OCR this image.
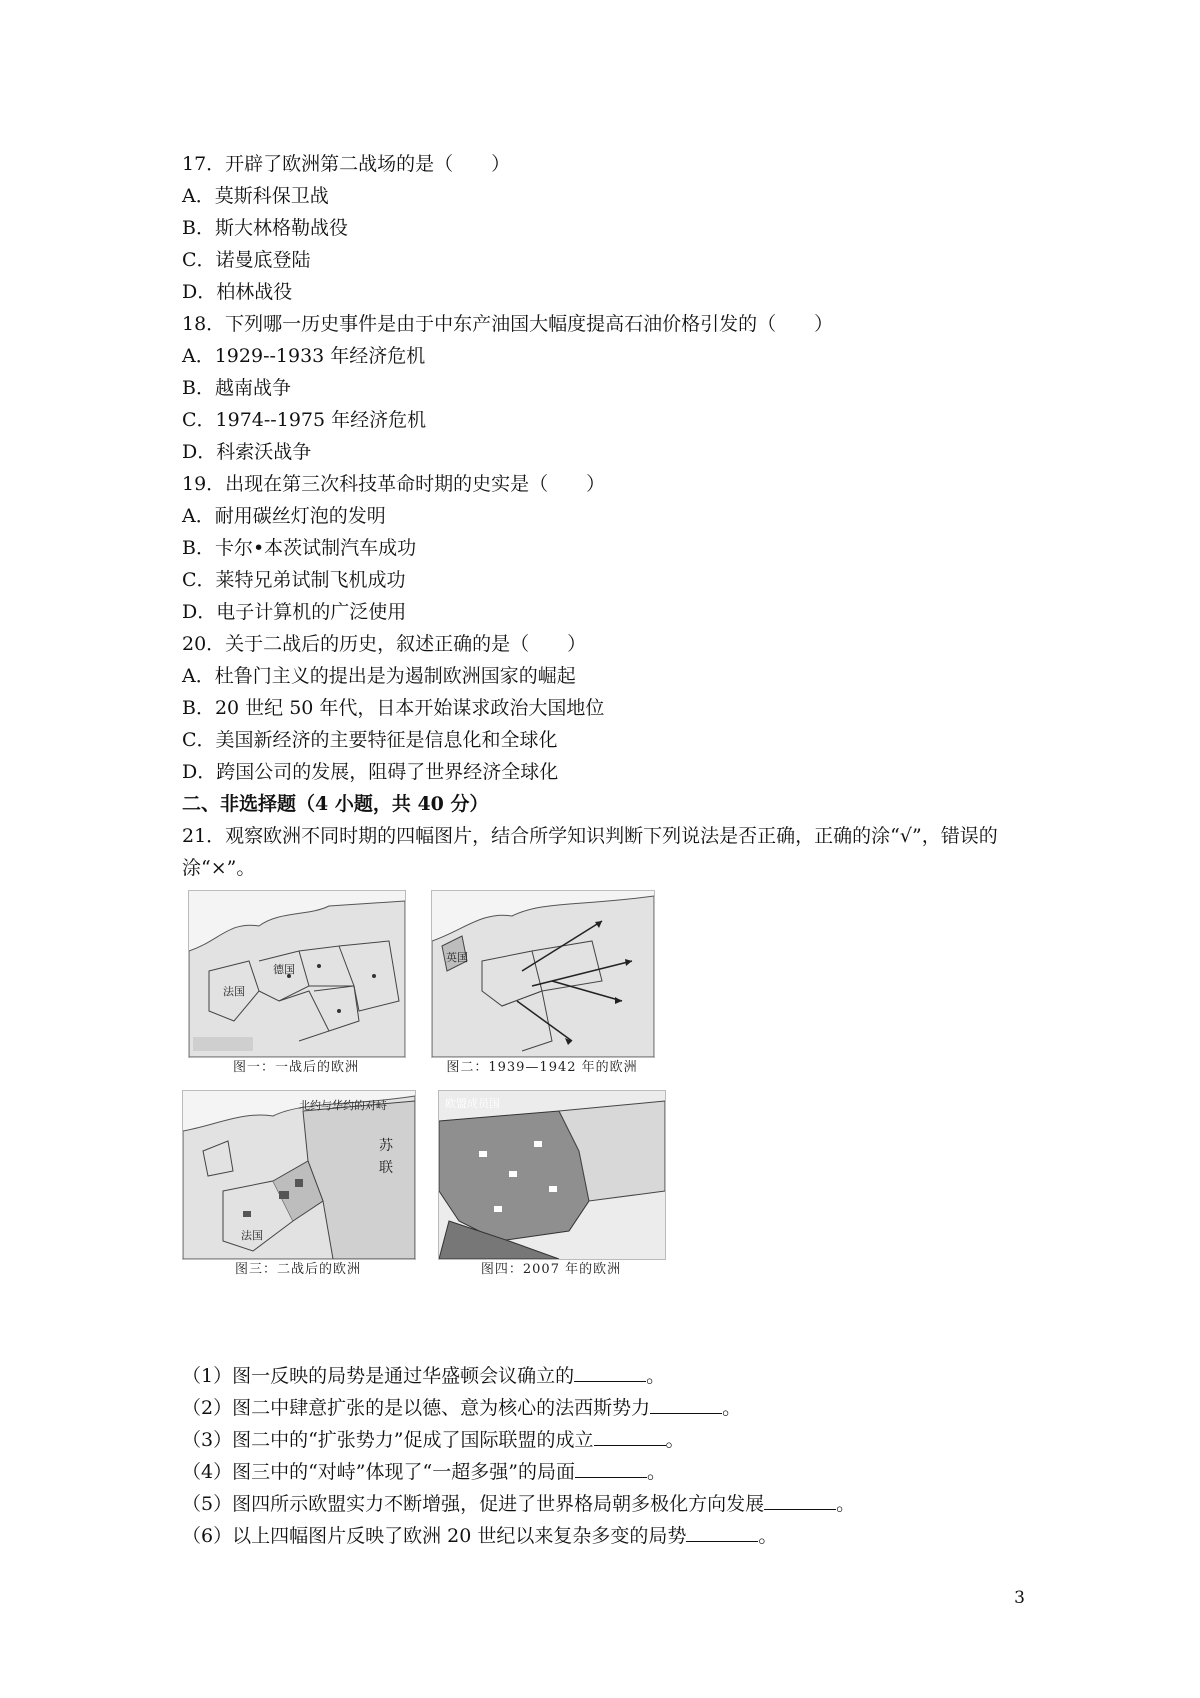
17．开辟了欧洲第二战场的是（　　）
A．莫斯科保卫战
B．斯大林格勒战役
C．诺曼底登陆
D．柏林战役
18．下列哪一历史事件是由于中东产油国大幅度提高石油价格引发的（　　）
A．1929--1933 年经济危机
B．越南战争
C．1974--1975 年经济危机
D．科索沃战争
19．出现在第三次科技革命时期的史实是（　　）
A．耐用碳丝灯泡的发明
B．卡尔•本茨试制汽车成功
C．莱特兄弟试制飞机成功
D．电子计算机的广泛使用
20．关于二战后的历史，叙述正确的是（　　）
A．杜鲁门主义的提出是为遏制欧洲国家的崛起
B．20 世纪 50 年代，日本开始谋求政治大国地位
C．美国新经济的主要特征是信息化和全球化
D．跨国公司的发展，阻碍了世界经济全球化
二、非选择题（4 小题，共 40 分）
21．观察欧洲不同时期的四幅图片，结合所学知识判断下列说法是否正确，正确的涂“√”，错误的涂“×”。
法国
德国
图一：一战后的欧洲
英国
图二：1939—1942 年的欧洲
北约与华约的对峙
苏
联
法国
图三：二战后的欧洲
欧盟成员国
图四：2007 年的欧洲
（1）图一反映的局势是通过华盛顿会议确立的	。
（2）图二中肆意扩张的是以德、意为核心的法西斯势力	。
（3）图二中的“扩张势力”促成了国际联盟的成立	。
（4）图三中的“对峙”体现了“一超多强”的局面	。
（5）图四所示欧盟实力不断增强，促进了世界格局朝多极化方向发展	。
（6）以上四幅图片反映了欧洲 20 世纪以来复杂多变的局势	。
3
